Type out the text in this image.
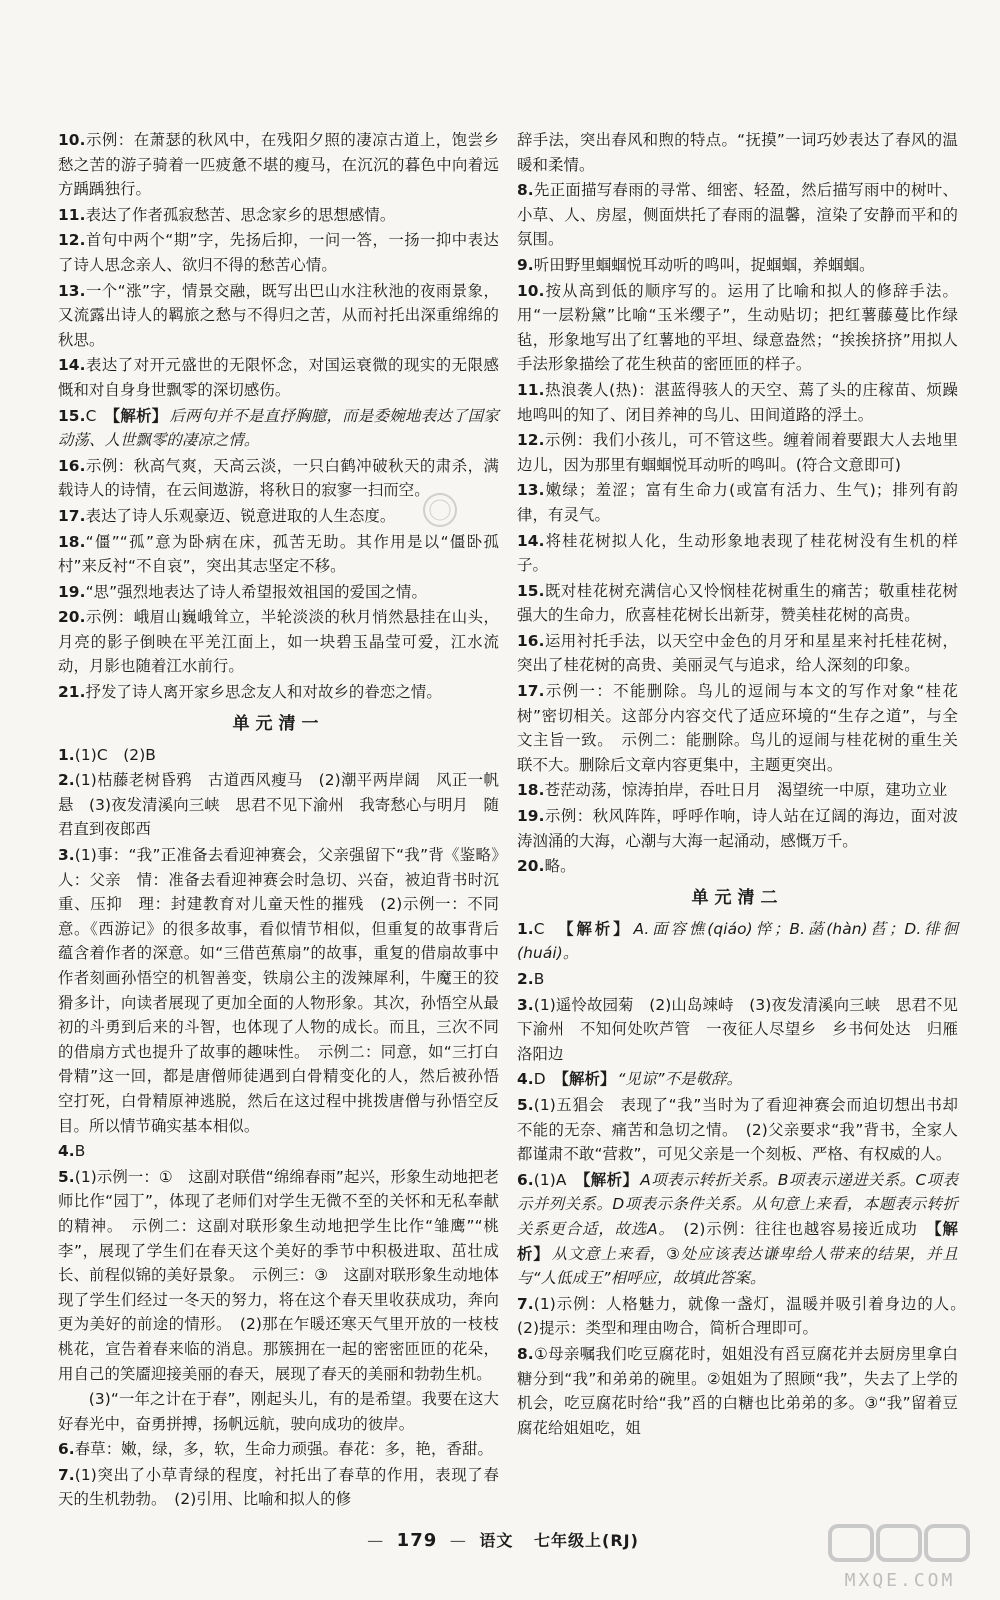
10.示例：在萧瑟的秋风中，在残阳夕照的凄凉古道上，饱尝乡愁之苦的游子骑着一匹疲惫不堪的瘦马，在沉沉的暮色中向着远方踽踽独行。

11.表达了作者孤寂愁苦、思念家乡的思想感情。

12.首句中两个“期”字，先扬后抑，一问一答，一扬一抑中表达了诗人思念亲人、欲归不得的愁苦心情。

13.一个“涨”字，情景交融，既写出巴山水注秋池的夜雨景象，又流露出诗人的羁旅之愁与不得归之苦，从而衬托出深重绵绵的秋思。

14.表达了对开元盛世的无限怀念，对国运衰微的现实的无限感慨和对自身身世飘零的深切感伤。

15.C　 【解析】 后两句并不是直抒胸臆，而是委婉地表达了国家动荡、人世飘零的凄凉之情。

16.示例：秋高气爽，天高云淡，一只白鹤冲破秋天的肃杀，满载诗人的诗情，在云间遨游，将秋日的寂寥一扫而空。

17.表达了诗人乐观豪迈、锐意进取的人生态度。

18.“僵”“孤”意为卧病在床，孤苦无助。其作用是以“僵卧孤村”来反衬“不自哀”，突出其志坚定不移。

19.“思”强烈地表达了诗人希望报效祖国的爱国之情。

20.示例：峨眉山巍峨耸立，半轮淡淡的秋月悄然悬挂在山头，月亮的影子倒映在平羌江面上，如一块碧玉晶莹可爱，江水流动，月影也随着江水前行。

21.抒发了诗人离开家乡思念友人和对故乡的眷恋之情。

单元清一

1.(1)C　(2)B

2.(1)枯藤老树昏鸦　古道西风瘦马　(2)潮平两岸阔　风正一帆悬　(3)夜发清溪向三峡　思君不见下渝州　我寄愁心与明月　随君直到夜郎西

3.(1)事：“我”正准备去看迎神赛会，父亲强留下“我”背《鉴略》　人：父亲　情：准备去看迎神赛会时急切、兴奋，被迫背书时沉重、压抑　理：封建教育对儿童天性的摧残　(2)示例一：不同意。《西游记》的很多故事，看似情节相似，但重复的故事背后蕴含着作者的深意。如“三借芭蕉扇”的故事，重复的借扇故事中作者刻画孙悟空的机智善变，铁扇公主的泼辣犀利，牛魔王的狡猾多计，向读者展现了更加全面的人物形象。其次，孙悟空从最初的斗勇到后来的斗智，也体现了人物的成长。而且，三次不同的借扇方式也提升了故事的趣味性。　示例二：同意，如“三打白骨精”这一回，都是唐僧师徒遇到白骨精变化的人，然后被孙悟空打死，白骨精原神逃脱，然后在这过程中挑拨唐僧与孙悟空反目。所以情节确实基本相似。

4.B

5.(1)示例一：①　这副对联借“绵绵春雨”起兴，形象生动地把老师比作“园丁”，体现了老师们对学生无微不至的关怀和无私奉献的精神。　示例二：这副对联形象生动地把学生比作“雏鹰”“桃李”，展现了学生们在春天这个美好的季节中积极进取、茁壮成长、前程似锦的美好景象。　示例三：③　这副对联形象生动地体现了学生们经过一冬天的努力，将在这个春天里收获成功，奔向更为美好的前途的情形。　(2)那在乍暖还寒天气里开放的一枝枝桃花，宣告着春来临的消息。那簇拥在一起的密密匝匝的花朵，用自己的笑靥迎接美丽的春天，展现了春天的美丽和勃勃生机。

(3)“一年之计在于春”，刚起头儿，有的是希望。我要在这大好春光中，奋勇拼搏，扬帆远航，驶向成功的彼岸。

6.春草：嫩，绿，多，软，生命力顽强。春花：多，艳，香甜。

7.(1)突出了小草青绿的程度，衬托出了春草的作用，表现了春天的生机勃勃。　(2)引用、比喻和拟人的修

辞手法，突出春风和煦的特点。“抚摸”一词巧妙表达了春风的温暖和柔情。

8.先正面描写春雨的寻常、细密、轻盈，然后描写雨中的树叶、小草、人、房屋，侧面烘托了春雨的温馨，渲染了安静而平和的氛围。

9.听田野里蝈蝈悦耳动听的鸣叫，捉蝈蝈，养蝈蝈。

10.按从高到低的顺序写的。运用了比喻和拟人的修辞手法。用“一层粉黛”比喻“玉米缨子”，生动贴切；把红薯藤蔓比作绿毡，形象地写出了红薯地的平坦、绿意盎然；“挨挨挤挤”用拟人手法形象描绘了花生秧苗的密匝匝的样子。

11.热浪袭人(热)：湛蓝得骇人的天空、蔫了头的庄稼苗、烦躁地鸣叫的知了、闭目养神的鸟儿、田间道路的浮土。

12.示例：我们小孩儿，可不管这些。缠着闹着要跟大人去地里边儿，因为那里有蝈蝈悦耳动听的鸣叫。(符合文意即可)

13.嫩绿；羞涩；富有生命力(或富有活力、生气)；排列有韵律，有灵气。

14.将桂花树拟人化，生动形象地表现了桂花树没有生机的样子。

15.既对桂花树充满信心又怜悯桂花树重生的痛苦；敬重桂花树强大的生命力，欣喜桂花树长出新芽，赞美桂花树的高贵。

16.运用衬托手法，以天空中金色的月牙和星星来衬托桂花树，突出了桂花树的高贵、美丽灵气与追求，给人深刻的印象。

17.示例一：不能删除。鸟儿的逗闹与本文的写作对象“桂花树”密切相关。这部分内容交代了适应环境的“生存之道”，与全文主旨一致。　示例二：能删除。鸟儿的逗闹与桂花树的重生关联不大。删除后文章内容更集中，主题更突出。

18.苍茫动荡，惊涛拍岸，吞吐日月　渴望统一中原，建功立业

19.示例：秋风阵阵，呼呼作响，诗人站在辽阔的海边，面对波涛汹涌的大海，心潮与大海一起涌动，感慨万千。

20.略。

单元清二

1.C　 【解析】 A.面容憔(qiáo)悴；B.菡(hàn)萏；D.徘徊(huái)。

2.B

3.(1)遥怜故园菊　(2)山岛竦峙　(3)夜发清溪向三峡　思君不见下渝州　不知何处吹芦管　一夜征人尽望乡　乡书何处达　归雁洛阳边

4.D　 【解析】 “见谅”不是敬辞。

5.(1)五猖会　表现了“我”当时为了看迎神赛会而迫切想出书却不能的无奈、痛苦和急切之情。　(2)父亲要求“我”背书，全家人都谨肃不敢“营救”，可见父亲是一个刻板、严格、有权威的人。

6.(1)A　【解析】 A项表示转折关系。B项表示递进关系。C项表示并列关系。D项表示条件关系。从句意上来看，本题表示转折关系更合适，故选A。　(2)示例：往往也越容易接近成功　【解析】 从文意上来看，③处应该表达谦卑给人带来的结果，并且与“人低成王”相呼应，故填此答案。

7.(1)示例：人格魅力，就像一盏灯，温暖并吸引着身边的人。　(2)提示：类型和理由吻合，简析合理即可。

8.①母亲嘱我们吃豆腐花时，姐姐没有舀豆腐花并去厨房里拿白糖分到“我”和弟弟的碗里。②姐姐为了照顾“我”，失去了上学的机会，吃豆腐花时给“我”舀的白糖也比弟弟的多。③“我”留着豆腐花给姐姐吃，姐

— 179 — 语文 七年级上(RJ)
MXQE.COM
